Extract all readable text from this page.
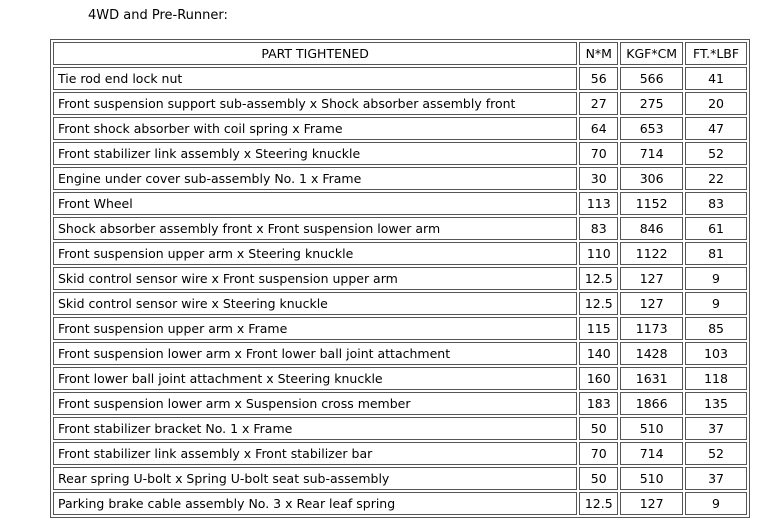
4WD and Pre-Runner:
PART TIGHTENED	N*M	KGF*CM	FT.*LBF
Tie rod end lock nut	56	566	41
Front suspension support sub-assembly x Shock absorber assembly front	27	275	20
Front shock absorber with coil spring x Frame	64	653	47
Front stabilizer link assembly x Steering knuckle	70	714	52
Engine under cover sub-assembly No. 1 x Frame	30	306	22
Front Wheel	113	1152	83
Shock absorber assembly front x Front suspension lower arm	83	846	61
Front suspension upper arm x Steering knuckle	110	1122	81
Skid control sensor wire x Front suspension upper arm	12.5	127	9
Skid control sensor wire x Steering knuckle	12.5	127	9
Front suspension upper arm x Frame	115	1173	85
Front suspension lower arm x Front lower ball joint attachment	140	1428	103
Front lower ball joint attachment x Steering knuckle	160	1631	118
Front suspension lower arm x Suspension cross member	183	1866	135
Front stabilizer bracket No. 1 x Frame	50	510	37
Front stabilizer link assembly x Front stabilizer bar	70	714	52
Rear spring U-bolt x Spring U-bolt seat sub-assembly	50	510	37
Parking brake cable assembly No. 3 x Rear leaf spring	12.5	127	9
